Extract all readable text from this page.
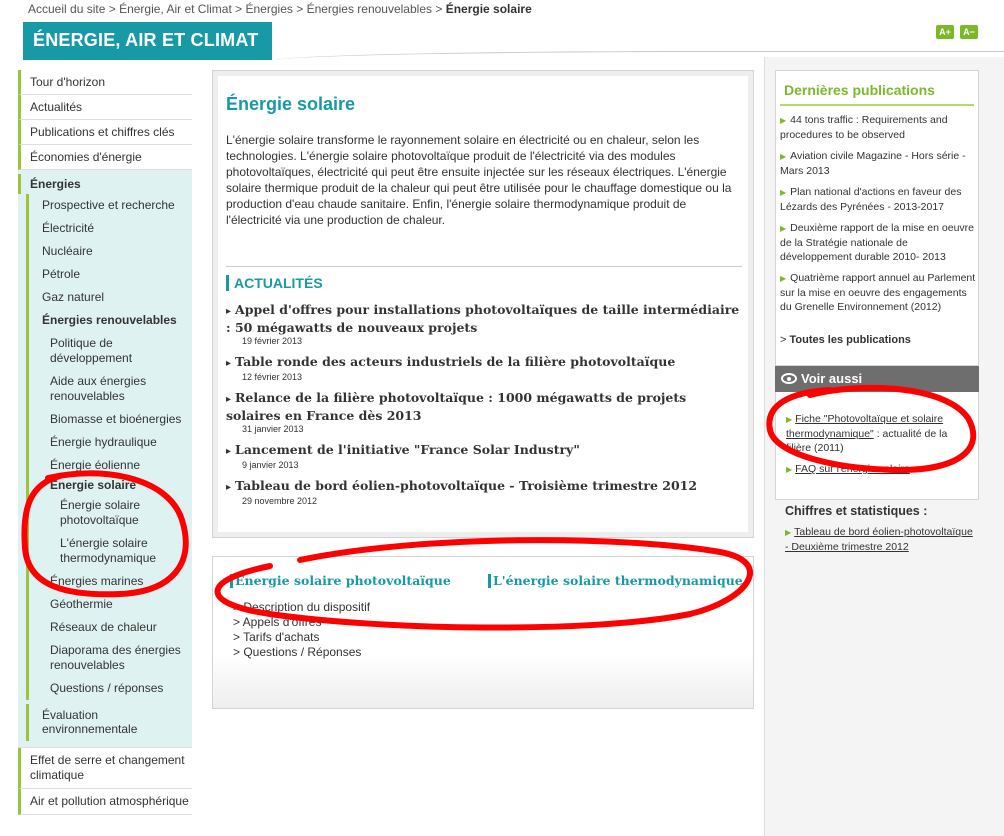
Accueil du site > Énergie, Air et Climat > Énergies > Énergies renouvelables > Énergie solaire
ÉNERGIE, AIR ET CLIMAT	A+	A−
Tour d'horizon
Actualités
Publications et chiffres clés
Économies d'énergie
Énergies
Prospective et recherche
Électricité
Nucléaire
Pétrole
Gaz naturel
Énergies renouvelables
Politique de développement
Aide aux énergies renouvelables
Biomasse et bioénergies
Énergie hydraulique
Énergie éolienne
Énergie solaire
Énergie solaire photovoltaïque
L'énergie solaire thermodynamique
Énergies marines
Géothermie
Réseaux de chaleur
Diaporama des énergies renouvelables
Questions / réponses
Évaluation environnementale
Effet de serre et changement climatique
Air et pollution atmosphérique
Énergie solaire

L'énergie solaire transforme le rayonnement solaire en électricité ou en chaleur, selon les technologies. L'énergie solaire photovoltaïque produit de l'électricité via des modules photovoltaïques, électricité qui peut être ensuite injectée sur les réseaux électriques. L'énergie solaire thermique produit de la chaleur qui peut être utilisée pour le chauffage domestique ou la production d'eau chaude sanitaire. Enfin, l'énergie solaire thermodynamique produit de l'électricité via une production de chaleur.

ACTUALITÉS
▸ Appel d'offres pour installations photovoltaïques de taille intermédiaire : 50 mégawatts de nouveaux projets
19 février 2013
▸ Table ronde des acteurs industriels de la filière photovoltaïque
12 février 2013
▸ Relance de la filière photovoltaïque : 1000 mégawatts de projets solaires en France dès 2013
31 janvier 2013
▸ Lancement de l'initiative "France Solar Industry"
9 janvier 2013
▸ Tableau de bord éolien-photovoltaïque - Troisième trimestre 2012
29 novembre 2012
Énergie solaire photovoltaïque	L'énergie solaire thermodynamique
> Description du dispositif
> Appels d'offres
> Tarifs d'achats
> Questions / Réponses
Dernières publications
▶ 44 tons traffic : Requirements and procedures to be observed
▶ Aviation civile Magazine - Hors série - Mars 2013
▶ Plan national d'actions en faveur des Lézards des Pyrénées - 2013-2017
▶ Deuxième rapport de la mise en oeuvre de la Stratégie nationale de développement durable 2010- 2013
▶ Quatrième rapport annuel au Parlement sur la mise en oeuvre des engagements du Grenelle Environnement (2012)
> Toutes les publications
Voir aussi
▶ Fiche "Photovoltaïque et solaire thermodynamique" : actualité de la filière (2011)
▶ FAQ sur l'énergie solaire
Chiffres et statistiques :
▶ Tableau de bord éolien-photovoltaïque - Deuxième trimestre 2012
